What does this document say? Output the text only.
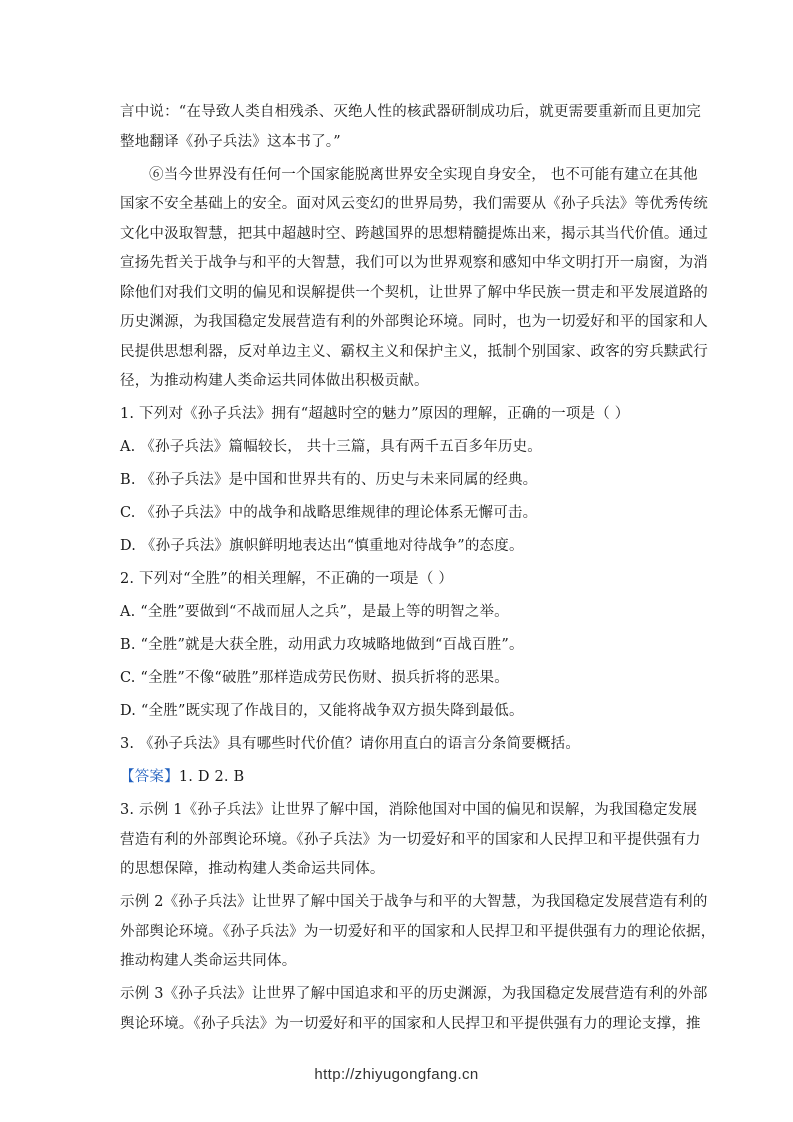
言中说：“在导致人类自相残杀、灭绝人性的核武器研制成功后，就更需要重新而且更加完
整地翻译《孙子兵法》这本书了。”
⑥当今世界没有任何一个国家能脱离世界安全实现自身安全， 也不可能有建立在其他
国家不安全基础上的安全。面对风云变幻的世界局势，我们需要从《孙子兵法》等优秀传统
文化中汲取智慧，把其中超越时空、跨越国界的思想精髓提炼出来，揭示其当代价值。通过
宣扬先哲关于战争与和平的大智慧，我们可以为世界观察和感知中华文明打开一扇窗，为消
除他们对我们文明的偏见和误解提供一个契机，让世界了解中华民族一贯走和平发展道路的
历史渊源，为我国稳定发展营造有利的外部舆论环境。同时，也为一切爱好和平的国家和人
民提供思想利器，反对单边主义、霸权主义和保护主义，抵制个别国家、政客的穷兵黩武行
径，为推动构建人类命运共同体做出积极贡献。
1. 下列对《孙子兵法》拥有“超越时空的魅力”原因的理解，正确的一项是（ ）
A. 《孙子兵法》篇幅较长， 共十三篇，具有两千五百多年历史。
B. 《孙子兵法》是中国和世界共有的、历史与未来同属的经典。
C. 《孙子兵法》中的战争和战略思维规律的理论体系无懈可击。
D. 《孙子兵法》旗帜鲜明地表达出“慎重地对待战争”的态度。
2. 下列对“全胜”的相关理解，不正确的一项是（ ）
A. “全胜”要做到“不战而屈人之兵”，是最上等的明智之举。
B. “全胜”就是大获全胜，动用武力攻城略地做到“百战百胜”。
C. “全胜”不像“破胜”那样造成劳民伤财、损兵折将的恶果。
D. “全胜”既实现了作战目的，又能将战争双方损失降到最低。
3. 《孙子兵法》具有哪些时代价值？请你用直白的语言分条简要概括。
【答案】1. D 2. B
3. 示例 1《孙子兵法》让世界了解中国，消除他国对中国的偏见和误解，为我国稳定发展
营造有利的外部舆论环境。《孙子兵法》为一切爱好和平的国家和人民捍卫和平提供强有力
的思想保障，推动构建人类命运共同体。
示例 2《孙子兵法》让世界了解中国关于战争与和平的大智慧，为我国稳定发展营造有利的
外部舆论环境。《孙子兵法》为一切爱好和平的国家和人民捍卫和平提供强有力的理论依据，
推动构建人类命运共同体。
示例 3《孙子兵法》让世界了解中国追求和平的历史渊源，为我国稳定发展营造有利的外部
舆论环境。《孙子兵法》为一切爱好和平的国家和人民捍卫和平提供强有力的理论支撑，推
http://zhiyugongfang.cn
